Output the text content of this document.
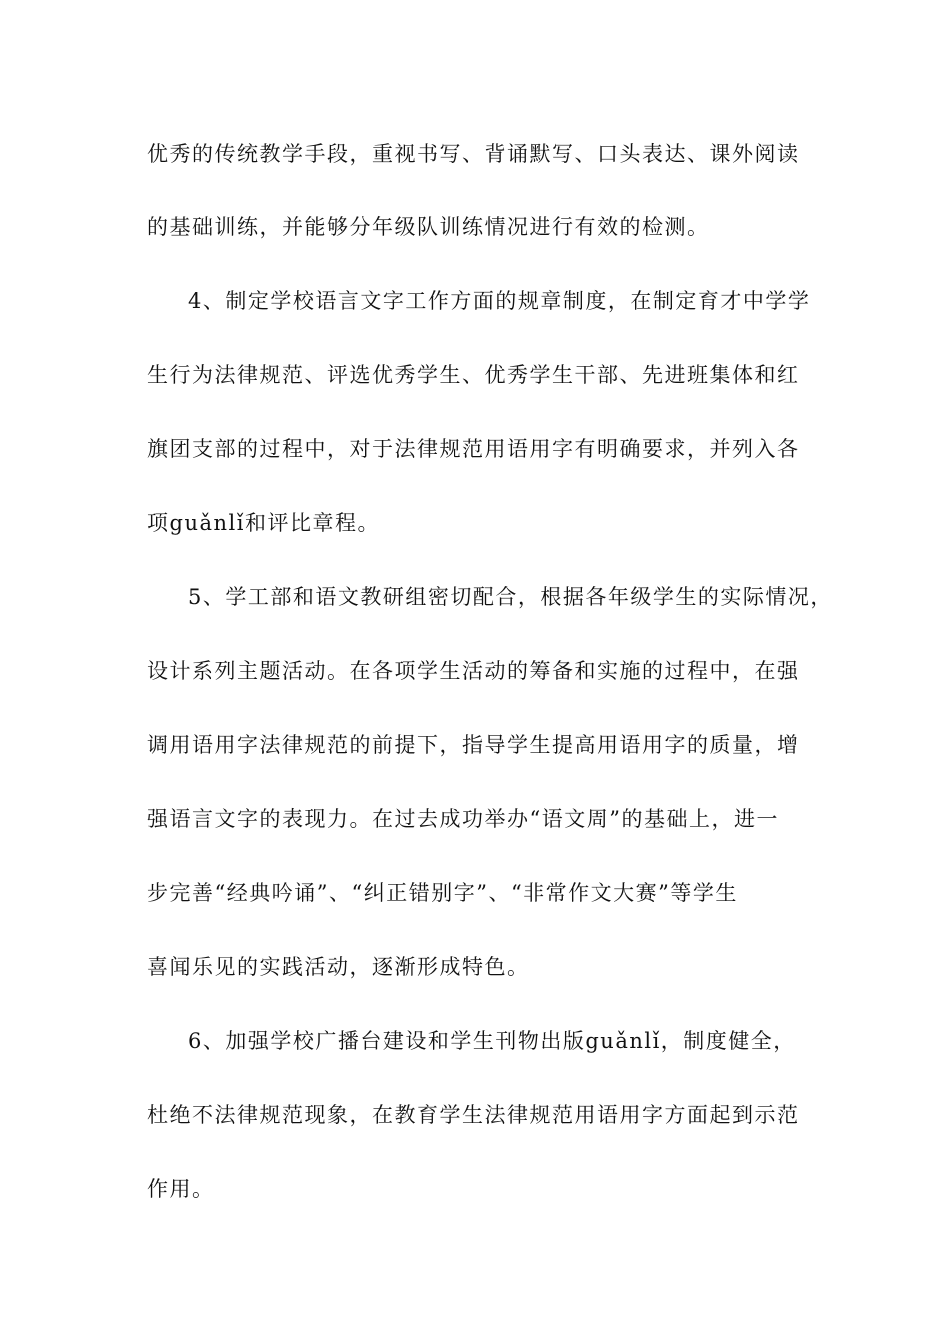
优秀的传统教学手段，重视书写、背诵默写、口头表达、课外阅读

的基础训练，并能够分年级队训练情况进行有效的检测。

4、制定学校语言文字工作方面的规章制度，在制定育才中学学

生行为法律规范、评选优秀学生、优秀学生干部、先进班集体和红

旗团支部的过程中，对于法律规范用语用字有明确要求，并列入各

项guǎnlǐ和评比章程。

5、学工部和语文教研组密切配合，根据各年级学生的实际情况，

设计系列主题活动。在各项学生活动的筹备和实施的过程中，在强

调用语用字法律规范的前提下，指导学生提高用语用字的质量，增

强语言文字的表现力。在过去成功举办“语文周”的基础上，进一

步完善“经典吟诵”、“纠正错别字”、“非常作文大赛”等学生

喜闻乐见的实践活动，逐渐形成特色。

6、加强学校广播台建设和学生刊物出版guǎnlǐ，制度健全，

杜绝不法律规范现象，在教育学生法律规范用语用字方面起到示范

作用。
